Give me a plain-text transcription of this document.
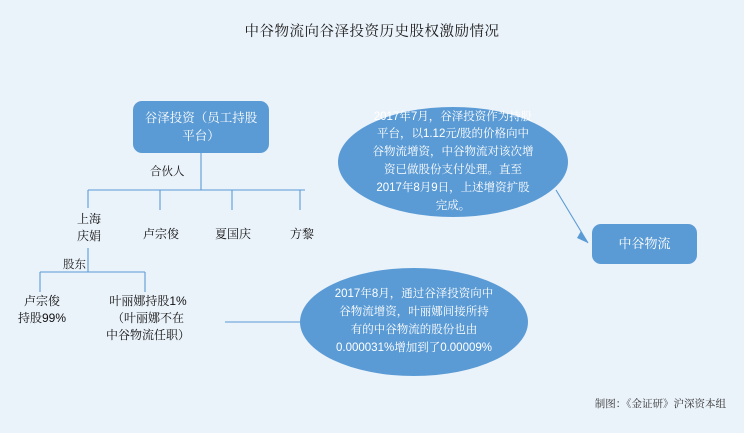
中谷物流向谷泽投资历史股权激励情况
谷泽投资（员工持股平台）
中谷物流
2017年7月，谷泽投资作为持股平台，以1.12元/股的价格向中谷物流增资，中谷物流对该次增资已做股份支付处理。直至2017年8月9日，上述增资扩股完成。
2017年8月，通过谷泽投资向中谷物流增资，叶丽娜间接所持有的中谷物流的股份也由0.000031%增加到了0.00009%
合伙人
股东
上海
庆娟	卢宗俊	夏国庆	方黎
卢宗俊
持股99%
叶丽娜持股1%
（叶丽娜不在
中谷物流任职）
制图：《金证研》沪深资本组
